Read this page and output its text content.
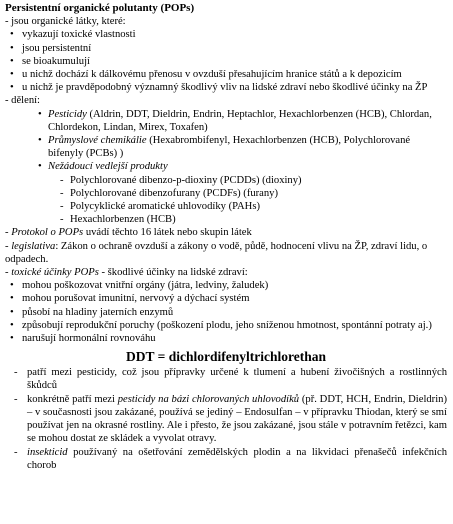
Persistentní organické polutanty (POPs)
- jsou organické látky, které:
• vykazují toxické vlastnosti
• jsou persistentní
• se bioakumulují
• u nichž dochází k dálkovému přenosu v ovzduší přesahujícím hranice států a k depozicím
• u nichž je pravděpodobný významný škodlivý vliv na lidské zdraví nebo škodlivé účinky na ŽP
- dělení:
• Pesticidy (Aldrin, DDT, Dieldrin, Endrin, Heptachlor, Hexachlorbenzen (HCB), Chlordan, Chlordekon, Lindan, Mirex, Toxafen)
• Průmyslové chemikálie (Hexabrombifenyl, Hexachlorbenzen (HCB), Polychlorované bifenyly (PCBs) )
• Nežádoucí vedlejší produkty
- Polychlorované dibenzo-p-dioxiny (PCDDs) (dioxiny)
- Polychlorované dibenzofurany (PCDFs) (furany)
- Polycyklické aromatické uhlovodíky (PAHs)
- Hexachlorbenzen (HCB)
- Protokol o POPs uvádí těchto 16 látek nebo skupin látek
- legislativa: Zákon o ochraně ovzduší a zákony o vodě, půdě, hodnocení vlivu na ŽP, zdraví lidu, o odpadech.
- toxické účinky POPs - škodlivé účinky na lidské zdraví:
• mohou poškozovat vnitřní orgány (játra, ledviny, žaludek)
• mohou porušovat imunitní, nervový a dýchací systém
• působí na hladiny jaterních enzymů
• způsobují reprodukční poruchy (poškození plodu, jeho sníženou hmotnost, spontánní potraty aj.)
• narušují hormonální rovnováhu
DDT = dichlordifenyltrichlorethan
- patří mezi pesticidy, což jsou přípravky určené k tlumení a hubení živočišných a rostlinných škůdců
- konkrétně patří mezi pesticidy na bázi chlorovaných uhlovodíků (př. DDT, HCH, Endrin, Dieldrin) – v současnosti jsou zakázané, používá se jediný – Endosulfan – v přípravku Thiodan, který se smí používat jen na okrasné rostliny. Ale i přesto, že jsou zakázané, jsou stále v potravním řetězci, kam se mohou dostat ze skládek a vyvolat otravy.
- insekticid používaný na ošetřování zemědělských plodin a na likvidaci přenašečů infekčních chorob
